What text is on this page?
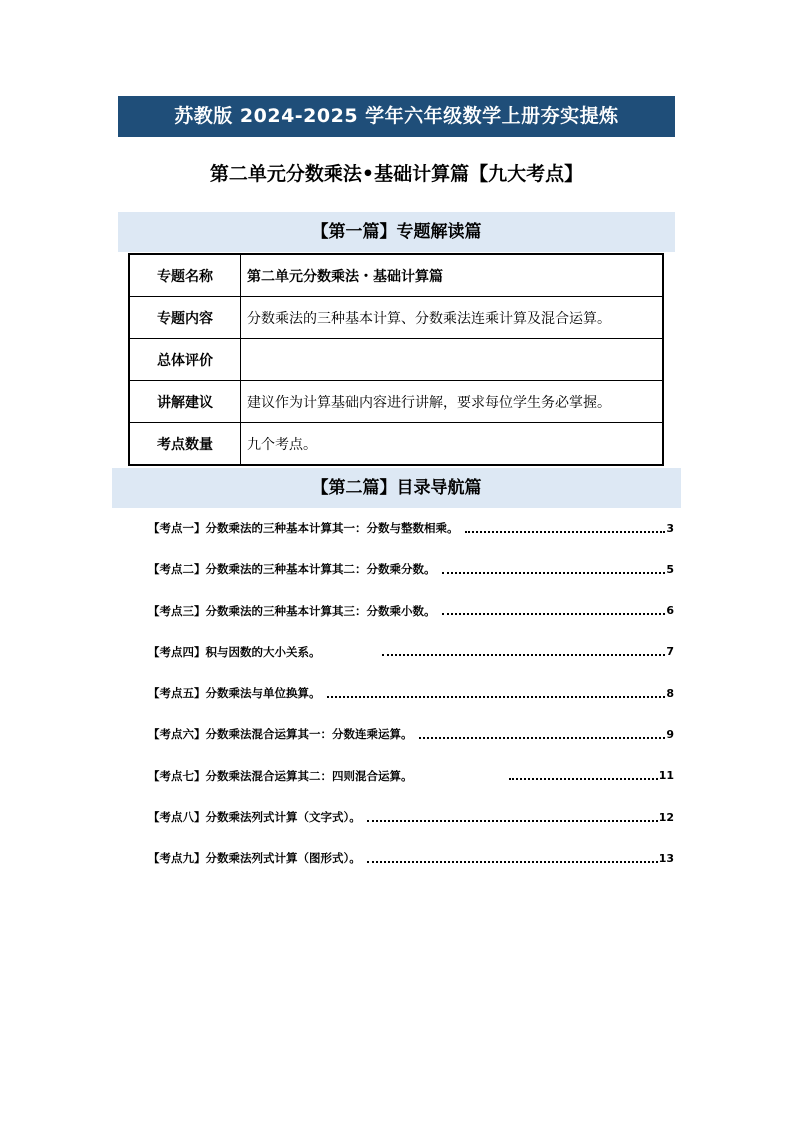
苏教版 2024-2025 学年六年级数学上册夯实提炼
第二单元分数乘法•基础计算篇【九大考点】
【第一篇】专题解读篇
专题名称	第二单元分数乘法・基础计算篇
专题内容	分数乘法的三种基本计算、分数乘法连乘计算及混合运算。
总体评价	
讲解建议	建议作为计算基础内容进行讲解，要求每位学生务必掌握。
考点数量	九个考点。
【第二篇】目录导航篇
【考点一】分数乘法的三种基本计算其一：分数与整数相乘。	3
【考点二】分数乘法的三种基本计算其二：分数乘分数。	5
【考点三】分数乘法的三种基本计算其三：分数乘小数。	6
【考点四】积与因数的大小关系。	7
【考点五】分数乘法与单位换算。	8
【考点六】分数乘法混合运算其一：分数连乘运算。	9
【考点七】分数乘法混合运算其二：四则混合运算。	11
【考点八】分数乘法列式计算（文字式）。	12
【考点九】分数乘法列式计算（图形式）。	13
